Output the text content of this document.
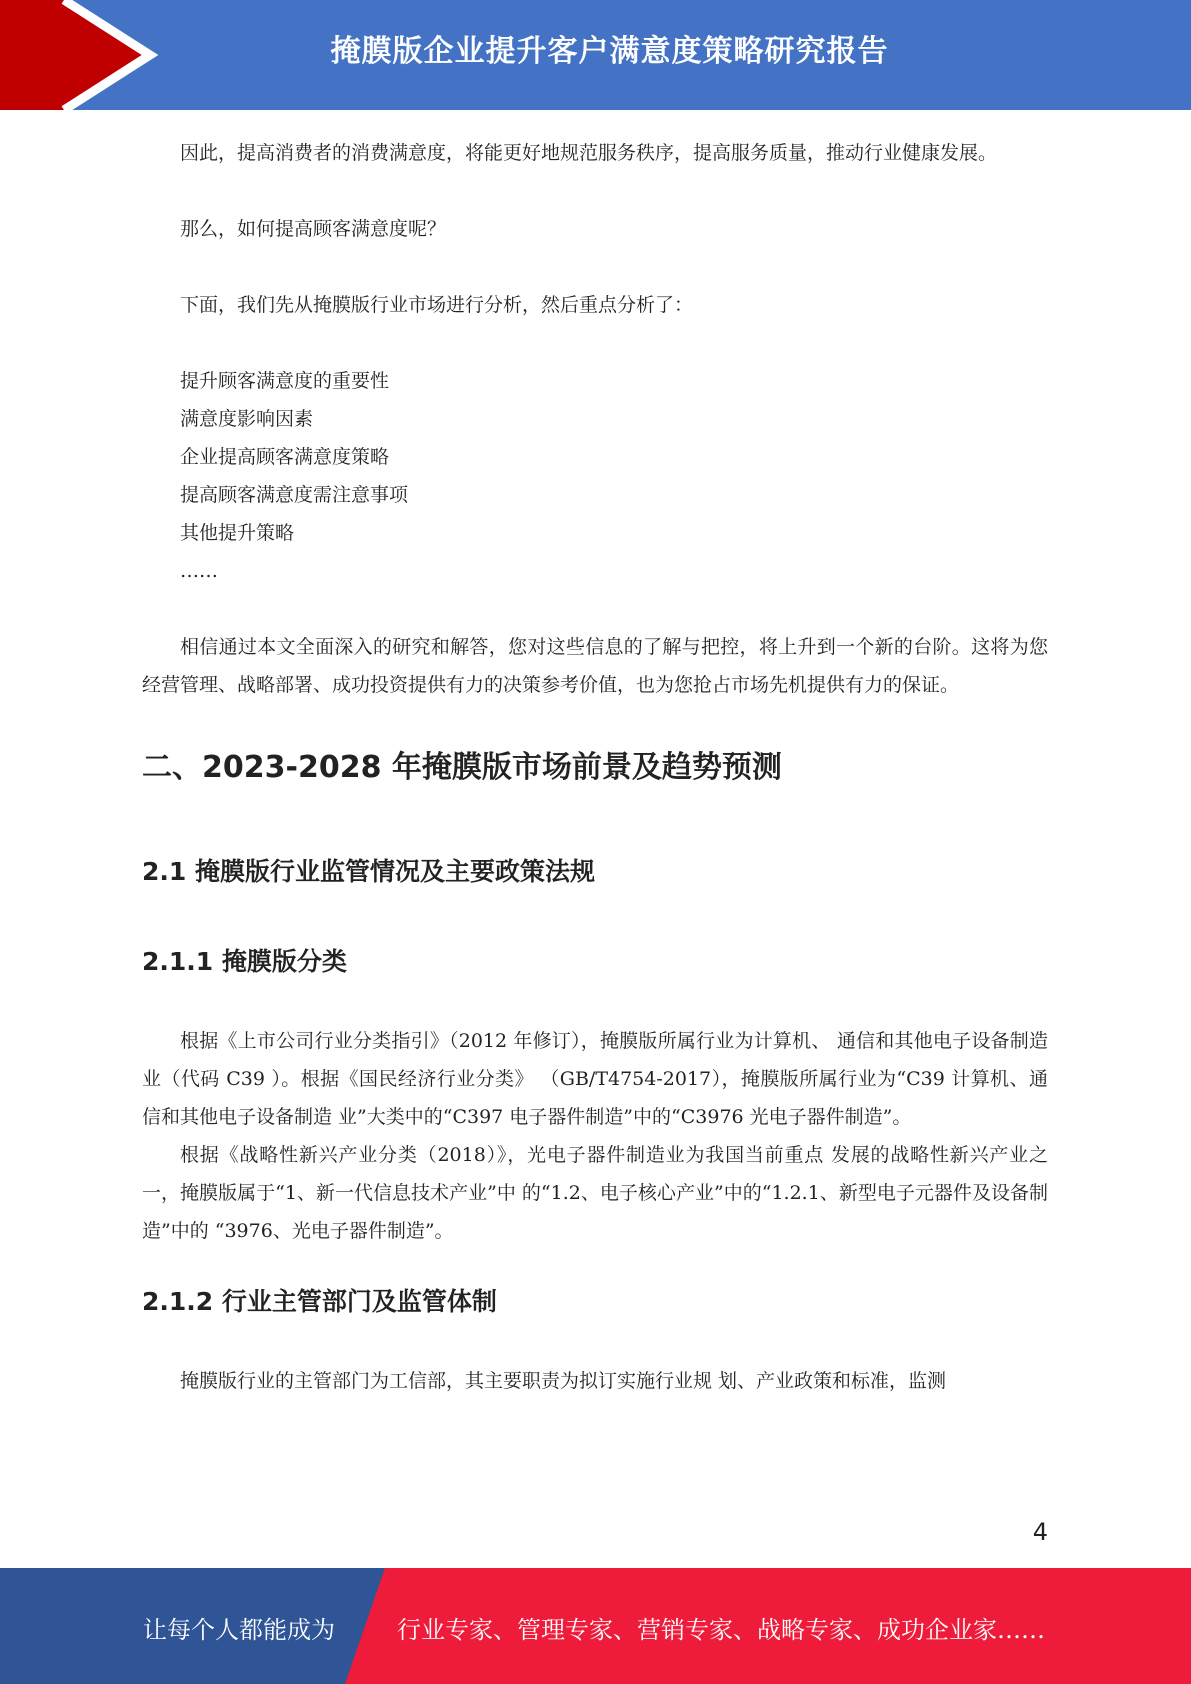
掩膜版企业提升客户满意度策略研究报告

因此，提高消费者的消费满意度，将能更好地规范服务秩序，提高服务质量，推动行业健康发展。

那么，如何提高顾客满意度呢？

下面，我们先从掩膜版行业市场进行分析，然后重点分析了：

提升顾客满意度的重要性
满意度影响因素
企业提高顾客满意度策略
提高顾客满意度需注意事项
其他提升策略
……

相信通过本文全面深入的研究和解答，您对这些信息的了解与把控，将上升到一个新的台阶。这将为您经营管理、战略部署、成功投资提供有力的决策参考价值，也为您抢占市场先机提供有力的保证。

二、2023-2028 年掩膜版市场前景及趋势预测
2.1 掩膜版行业监管情况及主要政策法规
2.1.1 掩膜版分类

根据《上市公司行业分类指引》（2012 年修订），掩膜版所属行业为计算机、 通信和其他电子设备制造业（代码 C39 ）。根据《国民经济行业分类》 （GB/T4754-2017），掩膜版所属行业为“C39 计算机、通信和其他电子设备制造 业”大类中的“C397 电子器件制造”中的“C3976 光电子器件制造”。

根据《战略性新兴产业分类（2018）》，光电子器件制造业为我国当前重点 发展的战略性新兴产业之一，掩膜版属于“1、新一代信息技术产业”中 的“1.2、电子核心产业”中的“1.2.1、新型电子元器件及设备制造”中的 “3976、光电子器件制造”。

2.1.2 行业主管部门及监管体制

掩膜版行业的主管部门为工信部，其主要职责为拟订实施行业规 划、产业政策和标准，监测

4
让每个人都能成为	行业专家、管理专家、营销专家、战略专家、成功企业家……
